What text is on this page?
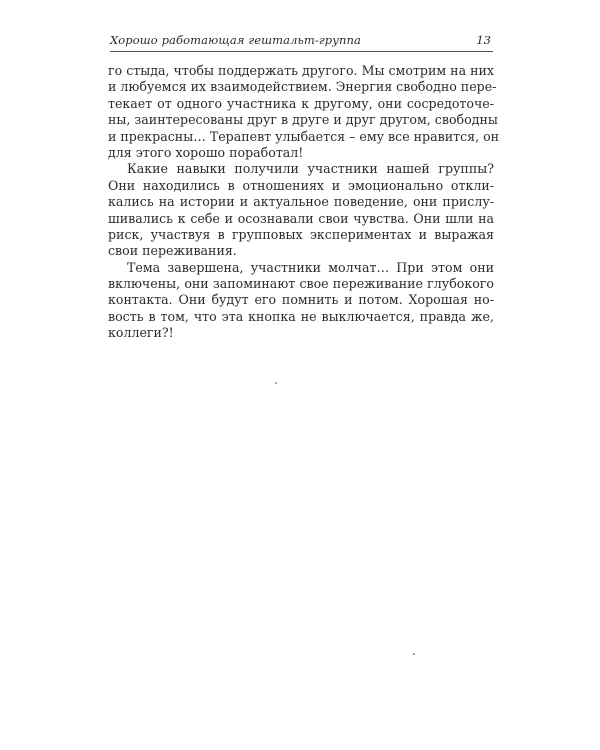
Хорошо работающая гештальт-группа	13
го стыда, чтобы поддержать другого. Мы смотрим на них
и любуемся их взаимодействием. Энергия свободно пере-
текает от одного участника к другому, они сосредоточе-
ны, заинтересованы друг в друге и друг другом, свободны
и прекрасны… Терапевт улыбается – ему все нравится, он
для этого хорошо поработал!
Какие навыки получили участники нашей группы?
Они находились в отношениях и эмоционально откли-
кались на истории и актуальное поведение, они прислу-
шивались к себе и осознавали свои чувства. Они шли на
риск, участвуя в групповых экспериментах и выражая
свои переживания.
Тема завершена, участники молчат… При этом они
включены, они запоминают свое переживание глубокого
контакта. Они будут его помнить и потом. Хорошая но-
вость в том, что эта кнопка не выключается, правда же,
коллеги?!
